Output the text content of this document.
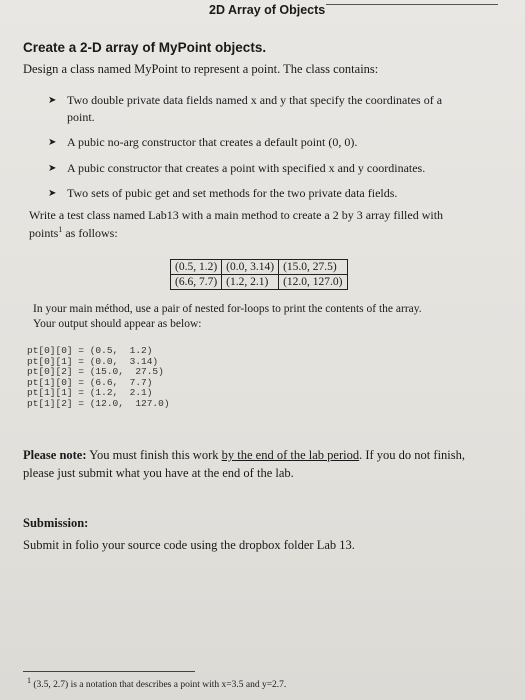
2D Array of Objects
Create a 2-D array of MyPoint objects.
Design a class named MyPoint to represent a point. The class contains:
➤ Two double private data fields named x and y that specify the coordinates of a
point.
➤ A pubic no-arg constructor that creates a default point (0, 0).
➤ A pubic constructor that creates a point with specified x and y coordinates.
➤ Two sets of pubic get and set methods for the two private data fields.
Write a test class named Lab13 with a main method to create a 2 by 3 array filled with
points$^1$ as follows:
(0.5, 1.2)	(0.0, 3.14)	(15.0, 27.5)
(6.6, 7.7)	(1.2, 2.1)	(12.0, 127.0)
In your main méthod, use a pair of nested for-loops to print the contents of the array.
Your output should appear as below:
pt[0][0] = (0.5,  1.2)
pt[0][1] = (0.0,  3.14)
pt[0][2] = (15.0,  27.5)
pt[1][0] = (6.6,  7.7)
pt[1][1] = (1.2,  2.1)
pt[1][2] = (12.0,  127.0)
Please note: You must finish this work by the end of the lab period. If you do not finish,
please just submit what you have at the end of the lab.
Submission:
Submit in folio your source code using the dropbox folder Lab 13.
$^1$ (3.5, 2.7) is a notation that describes a point with x=3.5 and y=2.7.
